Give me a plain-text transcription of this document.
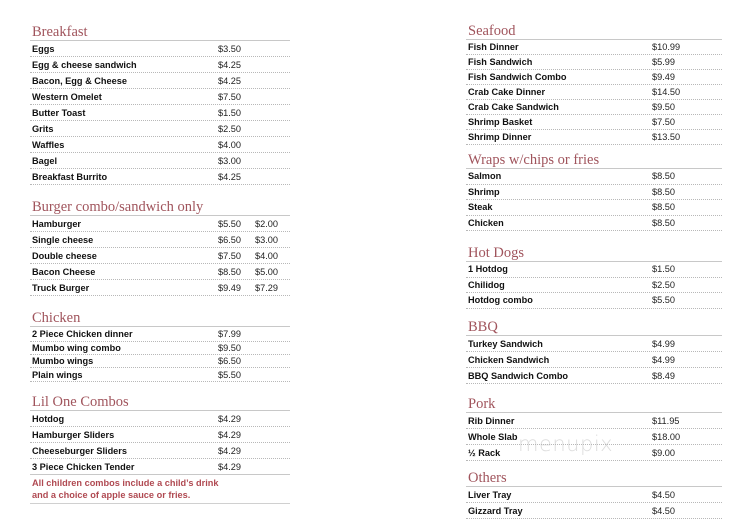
Breakfast
Eggs	$3.50
Egg & cheese sandwich	$4.25
Bacon, Egg & Cheese	$4.25
Western Omelet	$7.50
Butter Toast	$1.50
Grits	$2.50
Waffles	$4.00
Bagel	$3.00
Breakfast Burrito	$4.25
Burger combo/sandwich only
Hamburger	$5.50	$2.00
Single cheese	$6.50	$3.00
Double cheese	$7.50	$4.00
Bacon Cheese	$8.50	$5.00
Truck Burger	$9.49	$7.29
Chicken
2 Piece Chicken dinner	$7.99
Mumbo wing combo	$9.50
Mumbo wings	$6.50
Plain wings	$5.50
Lil One Combos
Hotdog	$4.29
Hamburger Sliders	$4.29
Cheeseburger Sliders	$4.29
3 Piece Chicken Tender	$4.29
All children combos include a child’s drink
and a choice of apple sauce or fries.
Seafood
Fish Dinner	$10.99
Fish Sandwich	$5.99
Fish Sandwich Combo	$9.49
Crab Cake Dinner	$14.50
Crab Cake Sandwich	$9.50
Shrimp Basket	$7.50
Shrimp Dinner	$13.50
Wraps w/chips or fries
Salmon	$8.50
Shrimp	$8.50
Steak	$8.50
Chicken	$8.50
Hot Dogs
1 Hotdog	$1.50
Chilidog	$2.50
Hotdog combo	$5.50
BBQ
Turkey Sandwich	$4.99
Chicken Sandwich	$4.99
BBQ Sandwich Combo	$8.49
Pork
Rib Dinner	$11.95
Whole Slab	$18.00
½ Rack	$9.00
Others
Liver Tray	$4.50
Gizzard Tray	$4.50
menupix
